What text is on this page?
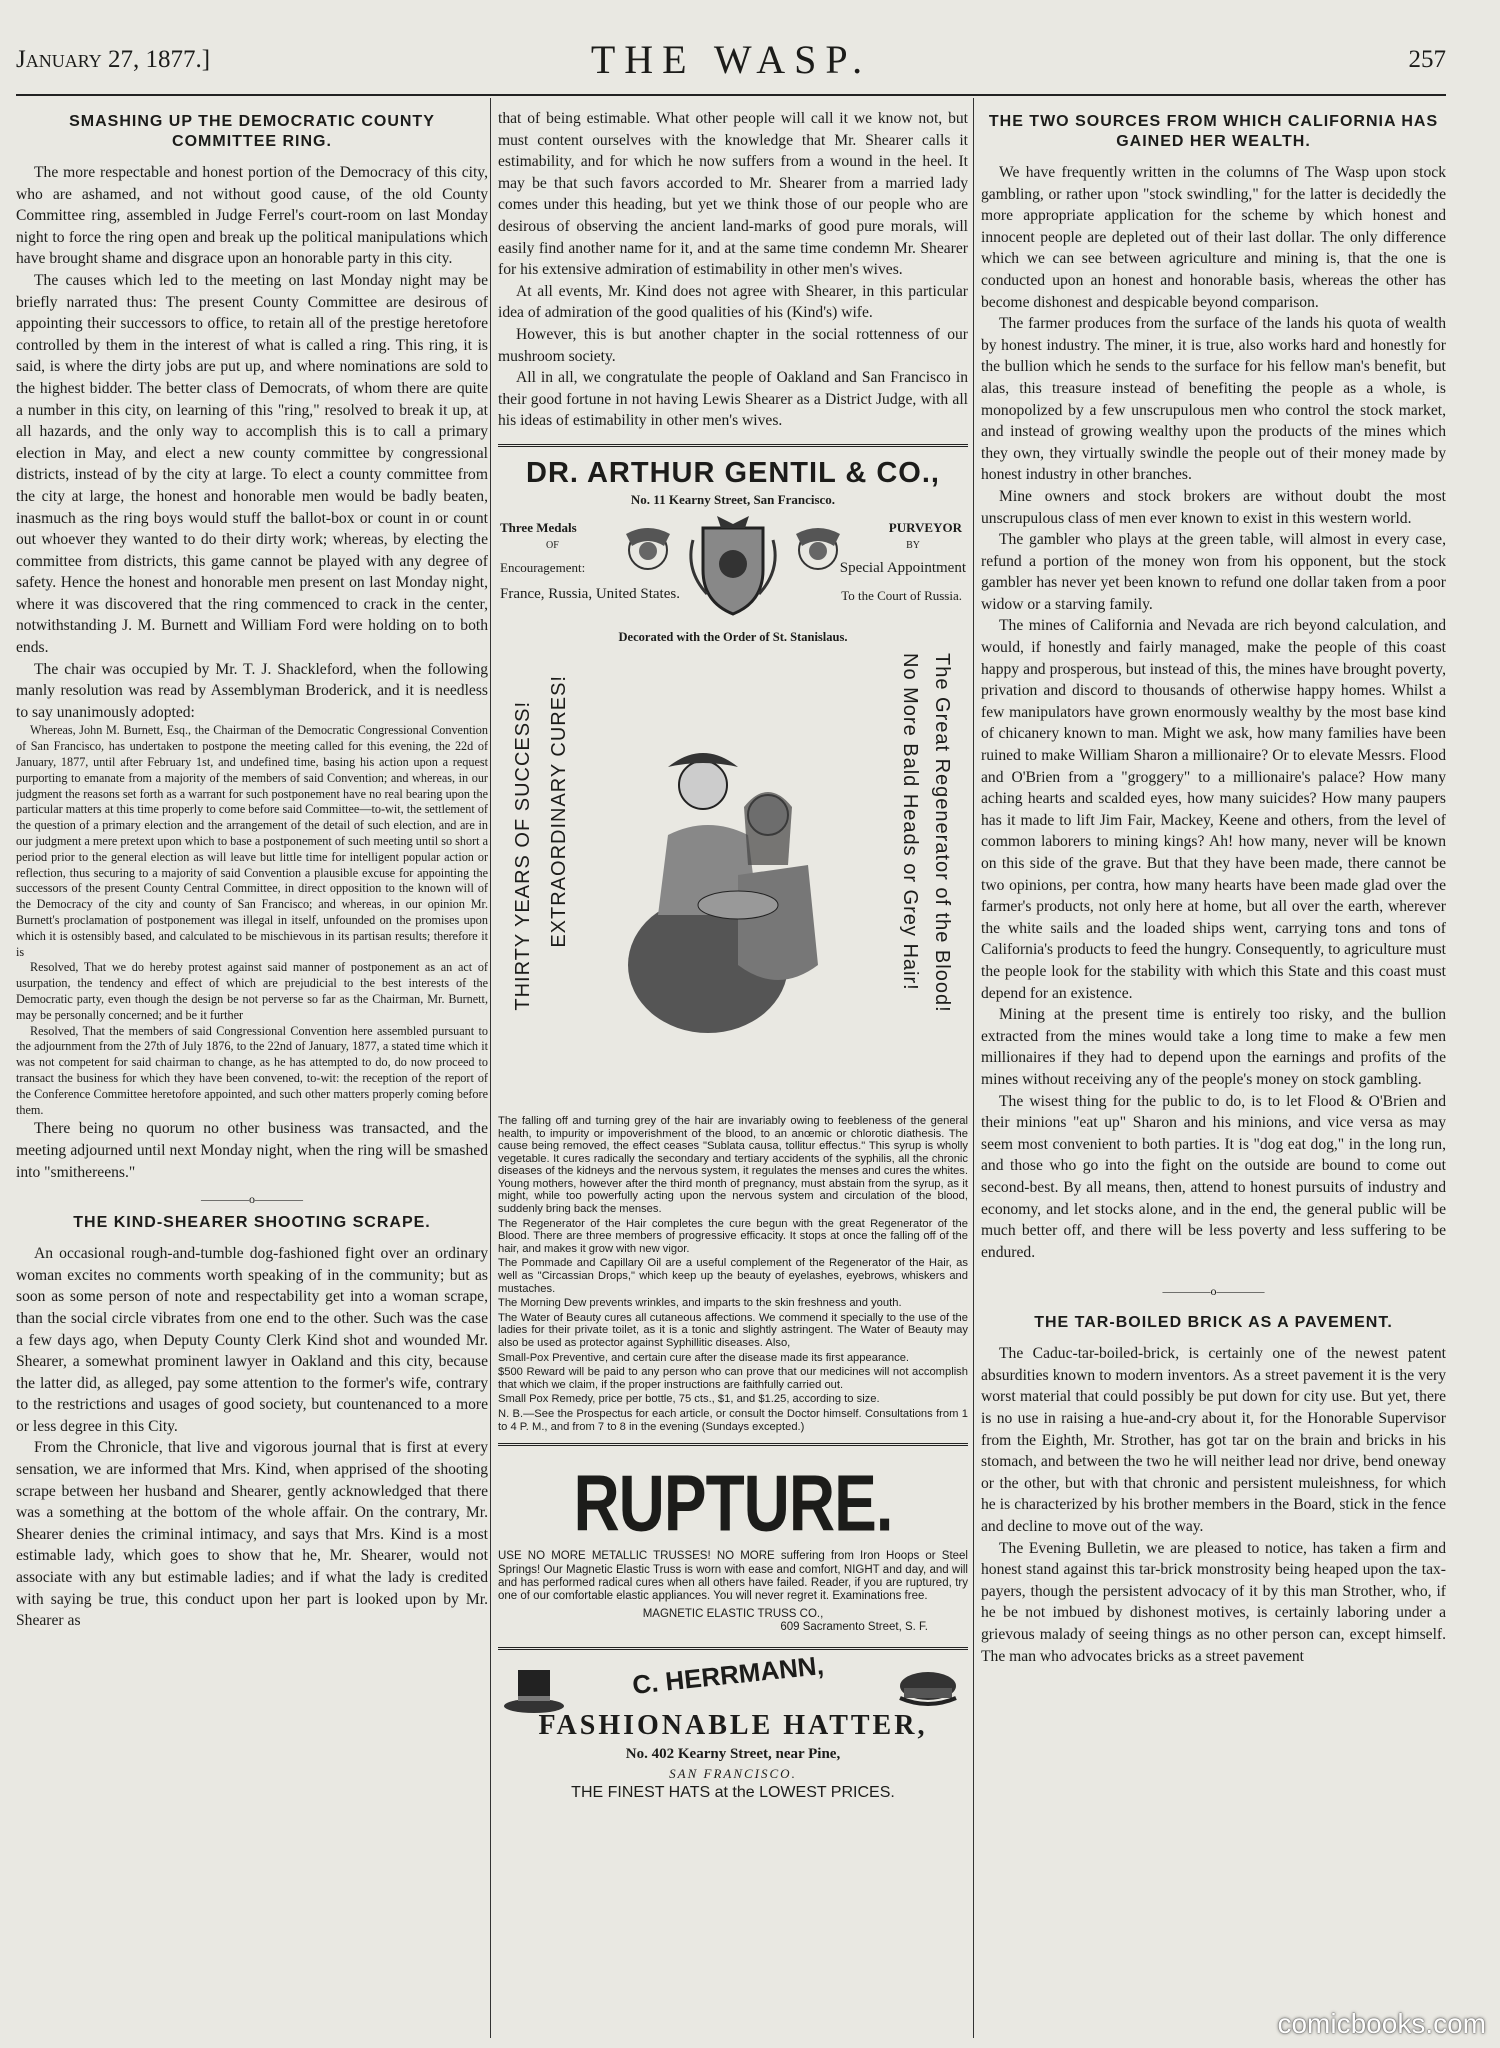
January 27, 1877.]	THE WASP.	257
SMASHING UP THE DEMOCRATIC COUNTY COMMITTEE RING.

The more respectable and honest portion of the Democracy of this city, who are ashamed, and not without good cause, of the old County Committee ring, assembled in Judge Ferrel's court-room on last Monday night to force the ring open and break up the political manipulations which have brought shame and disgrace upon an honorable party in this city.

The causes which led to the meeting on last Monday night may be briefly narrated thus: The present County Committee are desirous of appointing their successors to office, to retain all of the prestige heretofore controlled by them in the interest of what is called a ring. This ring, it is said, is where the dirty jobs are put up, and where nominations are sold to the highest bidder. The better class of Democrats, of whom there are quite a number in this city, on learning of this "ring," resolved to break it up, at all hazards, and the only way to accomplish this is to call a primary election in May, and elect a new county committee by congressional districts, instead of by the city at large. To elect a county committee from the city at large, the honest and honorable men would be badly beaten, inasmuch as the ring boys would stuff the ballot-box or count in or count out whoever they wanted to do their dirty work; whereas, by electing the committee from districts, this game cannot be played with any degree of safety. Hence the honest and honorable men present on last Monday night, where it was discovered that the ring commenced to crack in the center, notwithstanding J. M. Burnett and William Ford were holding on to both ends.

The chair was occupied by Mr. T. J. Shackleford, when the following manly resolution was read by Assemblyman Broderick, and it is needless to say unanimously adopted:

Whereas, John M. Burnett, Esq., the Chairman of the Democratic Congressional Convention of San Francisco, has undertaken to postpone the meeting called for this evening, the 22d of January, 1877, until after February 1st, and undefined time, basing his action upon a request purporting to emanate from a majority of the members of said Convention; and whereas, in our judgment the reasons set forth as a warrant for such postponement have no real bearing upon the particular matters at this time properly to come before said Committee—to-wit, the settlement of the question of a primary election and the arrangement of the detail of such election, and are in our judgment a mere pretext upon which to base a postponement of such meeting until so short a period prior to the general election as will leave but little time for intelligent popular action or reflection, thus securing to a majority of said Convention a plausible excuse for appointing the successors of the present County Central Committee, in direct opposition to the known will of the Democracy of the city and county of San Francisco; and whereas, in our opinion Mr. Burnett's proclamation of postponement was illegal in itself, unfounded on the promises upon which it is ostensibly based, and calculated to be mischievous in its partisan results; therefore it is

Resolved, That we do hereby protest against said manner of postponement as an act of usurpation, the tendency and effect of which are prejudicial to the best interests of the Democratic party, even though the design be not perverse so far as the Chairman, Mr. Burnett, may be personally concerned; and be it further

Resolved, That the members of said Congressional Convention here assembled pursuant to the adjournment from the 27th of July 1876, to the 22nd of January, 1877, a stated time which it was not competent for said chairman to change, as he has attempted to do, do now proceed to transact the business for which they have been convened, to-wit: the reception of the report of the Conference Committee heretofore appointed, and such other matters properly coming before them.

There being no quorum no other business was transacted, and the meeting adjourned until next Monday night, when the ring will be smashed into "smithereens."

――――o――――
THE KIND-SHEARER SHOOTING SCRAPE.

An occasional rough-and-tumble dog-fashioned fight over an ordinary woman excites no comments worth speaking of in the community; but as soon as some person of note and respectability get into a woman scrape, than the social circle vibrates from one end to the other. Such was the case a few days ago, when Deputy County Clerk Kind shot and wounded Mr. Shearer, a somewhat prominent lawyer in Oakland and this city, because the latter did, as alleged, pay some attention to the former's wife, contrary to the restrictions and usages of good society, but countenanced to a more or less degree in this City.

From the Chronicle, that live and vigorous journal that is first at every sensation, we are informed that Mrs. Kind, when apprised of the shooting scrape between her husband and Shearer, gently acknowledged that there was a something at the bottom of the whole affair. On the contrary, Mr. Shearer denies the criminal intimacy, and says that Mrs. Kind is a most estimable lady, which goes to show that he, Mr. Shearer, would not associate with any but estimable ladies; and if what the lady is credited with saying be true, this conduct upon her part is looked upon by Mr. Shearer as

that of being estimable. What other people will call it we know not, but must content ourselves with the knowledge that Mr. Shearer calls it estimability, and for which he now suffers from a wound in the heel. It may be that such favors accorded to Mr. Shearer from a married lady comes under this heading, but yet we think those of our people who are desirous of observing the ancient land-marks of good pure morals, will easily find another name for it, and at the same time condemn Mr. Shearer for his extensive admiration of estimability in other men's wives.

At all events, Mr. Kind does not agree with Shearer, in this particular idea of admiration of the good qualities of his (Kind's) wife.

However, this is but another chapter in the social rottenness of our mushroom society.

All in all, we congratulate the people of Oakland and San Francisco in their good fortune in not having Lewis Shearer as a District Judge, with all his ideas of estimability in other men's wives.

DR. ARTHUR GENTIL & CO.,
No. 11 Kearny Street, San Francisco.
Three Medals
OF
Encouragement:
France, Russia, United States.
PURVEYOR
BY
Special Appointment
To the Court of Russia.
Decorated with the Order of St. Stanislaus.
THIRTY YEARS OF SUCCESS! EXTRAORDINARY CURES!	No More Bald Heads or Grey Hair! The Great Regenerator of the Blood!

The falling off and turning grey of the hair are invariably owing to feebleness of the general health, to impurity or impoverishment of the blood, to an anœmic or chlorotic diathesis. The cause being removed, the effect ceases "Sublata causa, tollitur effectus." This syrup is wholly vegetable. It cures radically the secondary and tertiary accidents of the syphilis, all the chronic diseases of the kidneys and the nervous system, it regulates the menses and cures the whites. Young mothers, however after the third month of pregnancy, must abstain from the syrup, as it might, while too powerfully acting upon the nervous system and circulation of the blood, suddenly bring back the menses.

The Regenerator of the Hair completes the cure begun with the great Regenerator of the Blood. There are three members of progressive efficacity. It stops at once the falling off of the hair, and makes it grow with new vigor.

The Pommade and Capillary Oil are a useful complement of the Regenerator of the Hair, as well as "Circassian Drops," which keep up the beauty of eyelashes, eyebrows, whiskers and mustaches.

The Morning Dew prevents wrinkles, and imparts to the skin freshness and youth.

The Water of Beauty cures all cutaneous affections. We commend it specially to the use of the ladies for their private toilet, as it is a tonic and slightly astringent. The Water of Beauty may also be used as protector against Syphillitic diseases. Also,

Small-Pox Preventive, and certain cure after the disease made its first appearance.

$500 Reward will be paid to any person who can prove that our medicines will not accomplish that which we claim, if the proper instructions are faithfully carried out.

Small Pox Remedy, price per bottle, 75 cts., $1, and $1.25, according to size.

N. B.—See the Prospectus for each article, or consult the Doctor himself. Consultations from 1 to 4 P. M., and from 7 to 8 in the evening (Sundays excepted.)

RUPTURE.

USE NO MORE METALLIC TRUSSES! NO MORE suffering from Iron Hoops or Steel Springs! Our Magnetic Elastic Truss is worn with ease and comfort, NIGHT and day, and will and has performed radical cures when all others have failed. Reader, if you are ruptured, try one of our comfortable elastic appliances. You will never regret it. Examinations free.

MAGNETIC ELASTIC TRUSS CO.,

609 Sacramento Street, S. F.

C. HERRMANN,
FASHIONABLE HATTER,
No. 402 Kearny Street, near Pine,
SAN FRANCISCO.
THE FINEST HATS at the LOWEST PRICES.
THE TWO SOURCES FROM WHICH CALIFORNIA HAS GAINED HER WEALTH.

We have frequently written in the columns of The Wasp upon stock gambling, or rather upon "stock swindling," for the latter is decidedly the more appropriate application for the scheme by which honest and innocent people are depleted out of their last dollar. The only difference which we can see between agriculture and mining is, that the one is conducted upon an honest and honorable basis, whereas the other has become dishonest and despicable beyond comparison.

The farmer produces from the surface of the lands his quota of wealth by honest industry. The miner, it is true, also works hard and honestly for the bullion which he sends to the surface for his fellow man's benefit, but alas, this treasure instead of benefiting the people as a whole, is monopolized by a few unscrupulous men who control the stock market, and instead of growing wealthy upon the products of the mines which they own, they virtually swindle the people out of their money made by honest industry in other branches.

Mine owners and stock brokers are without doubt the most unscrupulous class of men ever known to exist in this western world.

The gambler who plays at the green table, will almost in every case, refund a portion of the money won from his opponent, but the stock gambler has never yet been known to refund one dollar taken from a poor widow or a starving family.

The mines of California and Nevada are rich beyond calculation, and would, if honestly and fairly managed, make the people of this coast happy and prosperous, but instead of this, the mines have brought poverty, privation and discord to thousands of otherwise happy homes. Whilst a few manipulators have grown enormously wealthy by the most base kind of chicanery known to man. Might we ask, how many families have been ruined to make William Sharon a millionaire? Or to elevate Messrs. Flood and O'Brien from a "groggery" to a millionaire's palace? How many aching hearts and scalded eyes, how many suicides? How many paupers has it made to lift Jim Fair, Mackey, Keene and others, from the level of common laborers to mining kings? Ah! how many, never will be known on this side of the grave. But that they have been made, there cannot be two opinions, per contra, how many hearts have been made glad over the farmer's products, not only here at home, but all over the earth, wherever the white sails and the loaded ships went, carrying tons and tons of California's products to feed the hungry. Consequently, to agriculture must the people look for the stability with which this State and this coast must depend for an existence.

Mining at the present time is entirely too risky, and the bullion extracted from the mines would take a long time to make a few men millionaires if they had to depend upon the earnings and profits of the mines without receiving any of the people's money on stock gambling.

The wisest thing for the public to do, is to let Flood & O'Brien and their minions "eat up" Sharon and his minions, and vice versa as may seem most convenient to both parties. It is "dog eat dog," in the long run, and those who go into the fight on the outside are bound to come out second-best. By all means, then, attend to honest pursuits of industry and economy, and let stocks alone, and in the end, the general public will be much better off, and there will be less poverty and less suffering to be endured.

――――o――――
THE TAR-BOILED BRICK AS A PAVEMENT.

The Caduc-tar-boiled-brick, is certainly one of the newest patent absurdities known to modern inventors. As a street pavement it is the very worst material that could possibly be put down for city use. But yet, there is no use in raising a hue-and-cry about it, for the Honorable Supervisor from the Eighth, Mr. Strother, has got tar on the brain and bricks in his stomach, and between the two he will neither lead nor drive, bend oneway or the other, but with that chronic and persistent muleishness, for which he is characterized by his brother members in the Board, stick in the fence and decline to move out of the way.

The Evening Bulletin, we are pleased to notice, has taken a firm and honest stand against this tar-brick monstrosity being heaped upon the tax-payers, though the persistent advocacy of it by this man Strother, who, if he be not imbued by dishonest motives, is certainly laboring under a grievous malady of seeing things as no other person can, except himself. The man who advocates bricks as a street pavement

comicbooks.com
